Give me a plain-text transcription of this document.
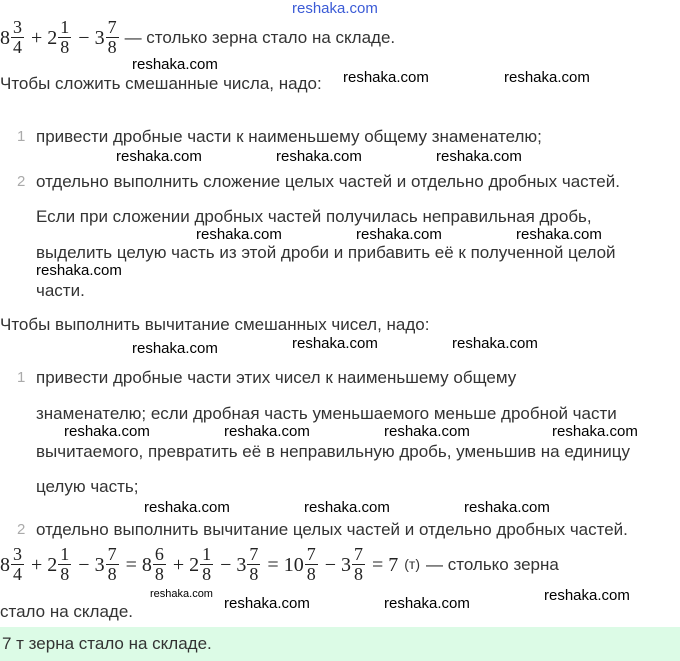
8 3
$4 + 2 \frac{1}{8} - 3 \frac{7}{8}$ — столько зерна стало на складе.
Чтобы сложить смешанные числа, надо:
1 привести дробные части к наименьшему общему знаменателю;
2 отдельно выполнить сложение целых частей и отдельно дробных частей.
Если при сложении дробных частей получилась неправильная дробь,
выделить целую часть из этой дроби и прибавить её к полученной целой
части.
Чтобы выполнить вычитание смешанных чисел, надо:
1 привести дробные части этих чисел к наименьшему общему
знаменателю; если дробная часть уменьшаемого меньше дробной части
вычитаемого, превратить её в неправильную дробь, уменьшив на единицу
целую часть;
2 отдельно выполнить вычитание целых частей и отдельно дробных частей.
8 3
$4 + 2 \frac{1}{8} - 3 \frac{7}{8} = 8 \frac{6}{8} + 2 \frac{1}{8} - 3 \frac{7}{8} = 10 \frac{7}{8} - 3 \frac{7}{8} = 7$ (т) — столько зерна
стало на складе.
7 т зерна стало на складе.
reshaka.com
reshaka.com
reshaka.com	reshaka.com
reshaka.com	reshaka.com	reshaka.com
reshaka.com	reshaka.com	reshaka.com
reshaka.com
reshaka.com	reshaka.com
reshaka.com
reshaka.com	reshaka.com	reshaka.com	reshaka.com
reshaka.com	reshaka.com	reshaka.com
reshaka.com
reshaka.com
reshaka.com	reshaka.com
